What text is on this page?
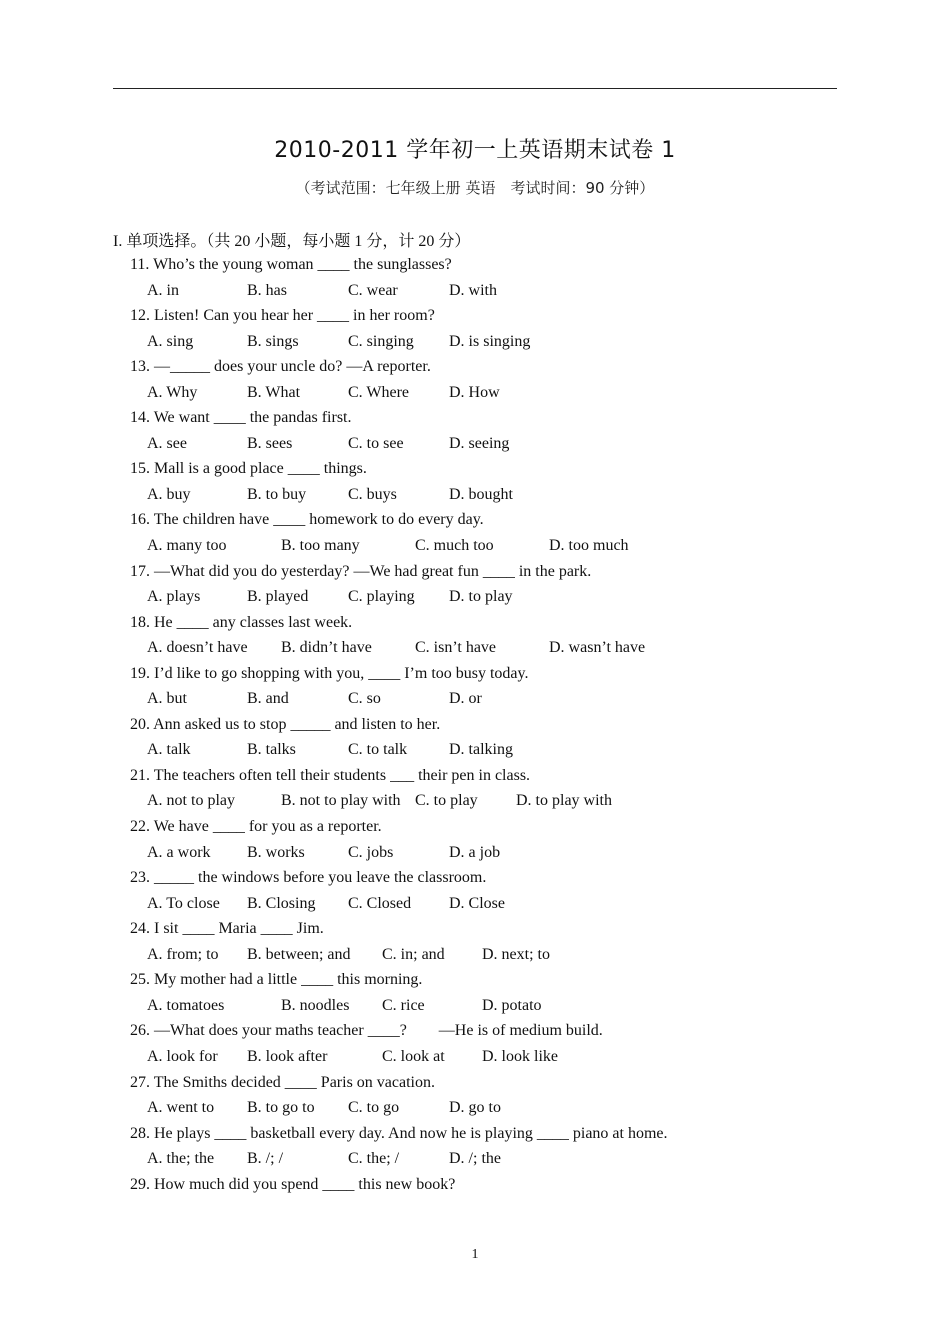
2010-2011 学年初一上英语期末试卷 1
（考试范围：七年级上册 英语　考试时间：90 分钟）
I. 单项选择。（共 20 小题，每小题 1 分，计 20 分）
11. Who’s the young woman ____ the sunglasses?
A. in	B. has	C. wear	D. with
12. Listen! Can you hear her ____ in her room?
A. sing	B. sings	C. singing D. is singing
13. —_____ does your uncle do? —A reporter.
A. Why	B. What	C. Where D. How
14. We want ____ the pandas first.
A. see	B. sees	C. to see	D. seeing
15. Mall is a good place ____ things.
A. buy	B. to buy	C. buys	D. bought
16. The children have ____ homework to do every day.
A. many too	B. too many	C. much too	D. too much
17. —What did you do yesterday? —We had great fun ____ in the park.
A. plays	B. played C. playing D. to play
18. He ____ any classes last week.
A. doesn’t have B. didn’t have	C. isn’t have	D. wasn’t have
19. I’d like to go shopping with you, ____ I’m too busy today.
A. but	B. and	C. so	D. or
20. Ann asked us to stop _____ and listen to her.
A. talk	B. talks	C. to talk	D. talking
21. The teachers often tell their students ___ their pen in class.
A. not to play	B. not to play with C. to play D. to play with
22. We have ____ for you as a reporter.
A. a work B. works	C. jobs	D. a job
23. _____ the windows before you leave the classroom.
A. To close B. Closing C. Closed D. Close
24. I sit ____ Maria ____ Jim.
A. from; to B. between; and C. in; and D. next; to
25. My mother had a little ____ this morning.
A. tomatoes	B. noodles C. rice	D. potato
26. —What does your maths teacher ____?　　—He is of medium build.
A. look for B. look after	C. look at D. look like
27. The Smiths decided ____ Paris on vacation.
A. went to B. to go to C. to go	D. go to
28. He plays ____ basketball every day. And now he is playing ____ piano at home.
A. the; the B. /; /	C. the; /	D. /; the
29. How much did you spend ____ this new book?
1
